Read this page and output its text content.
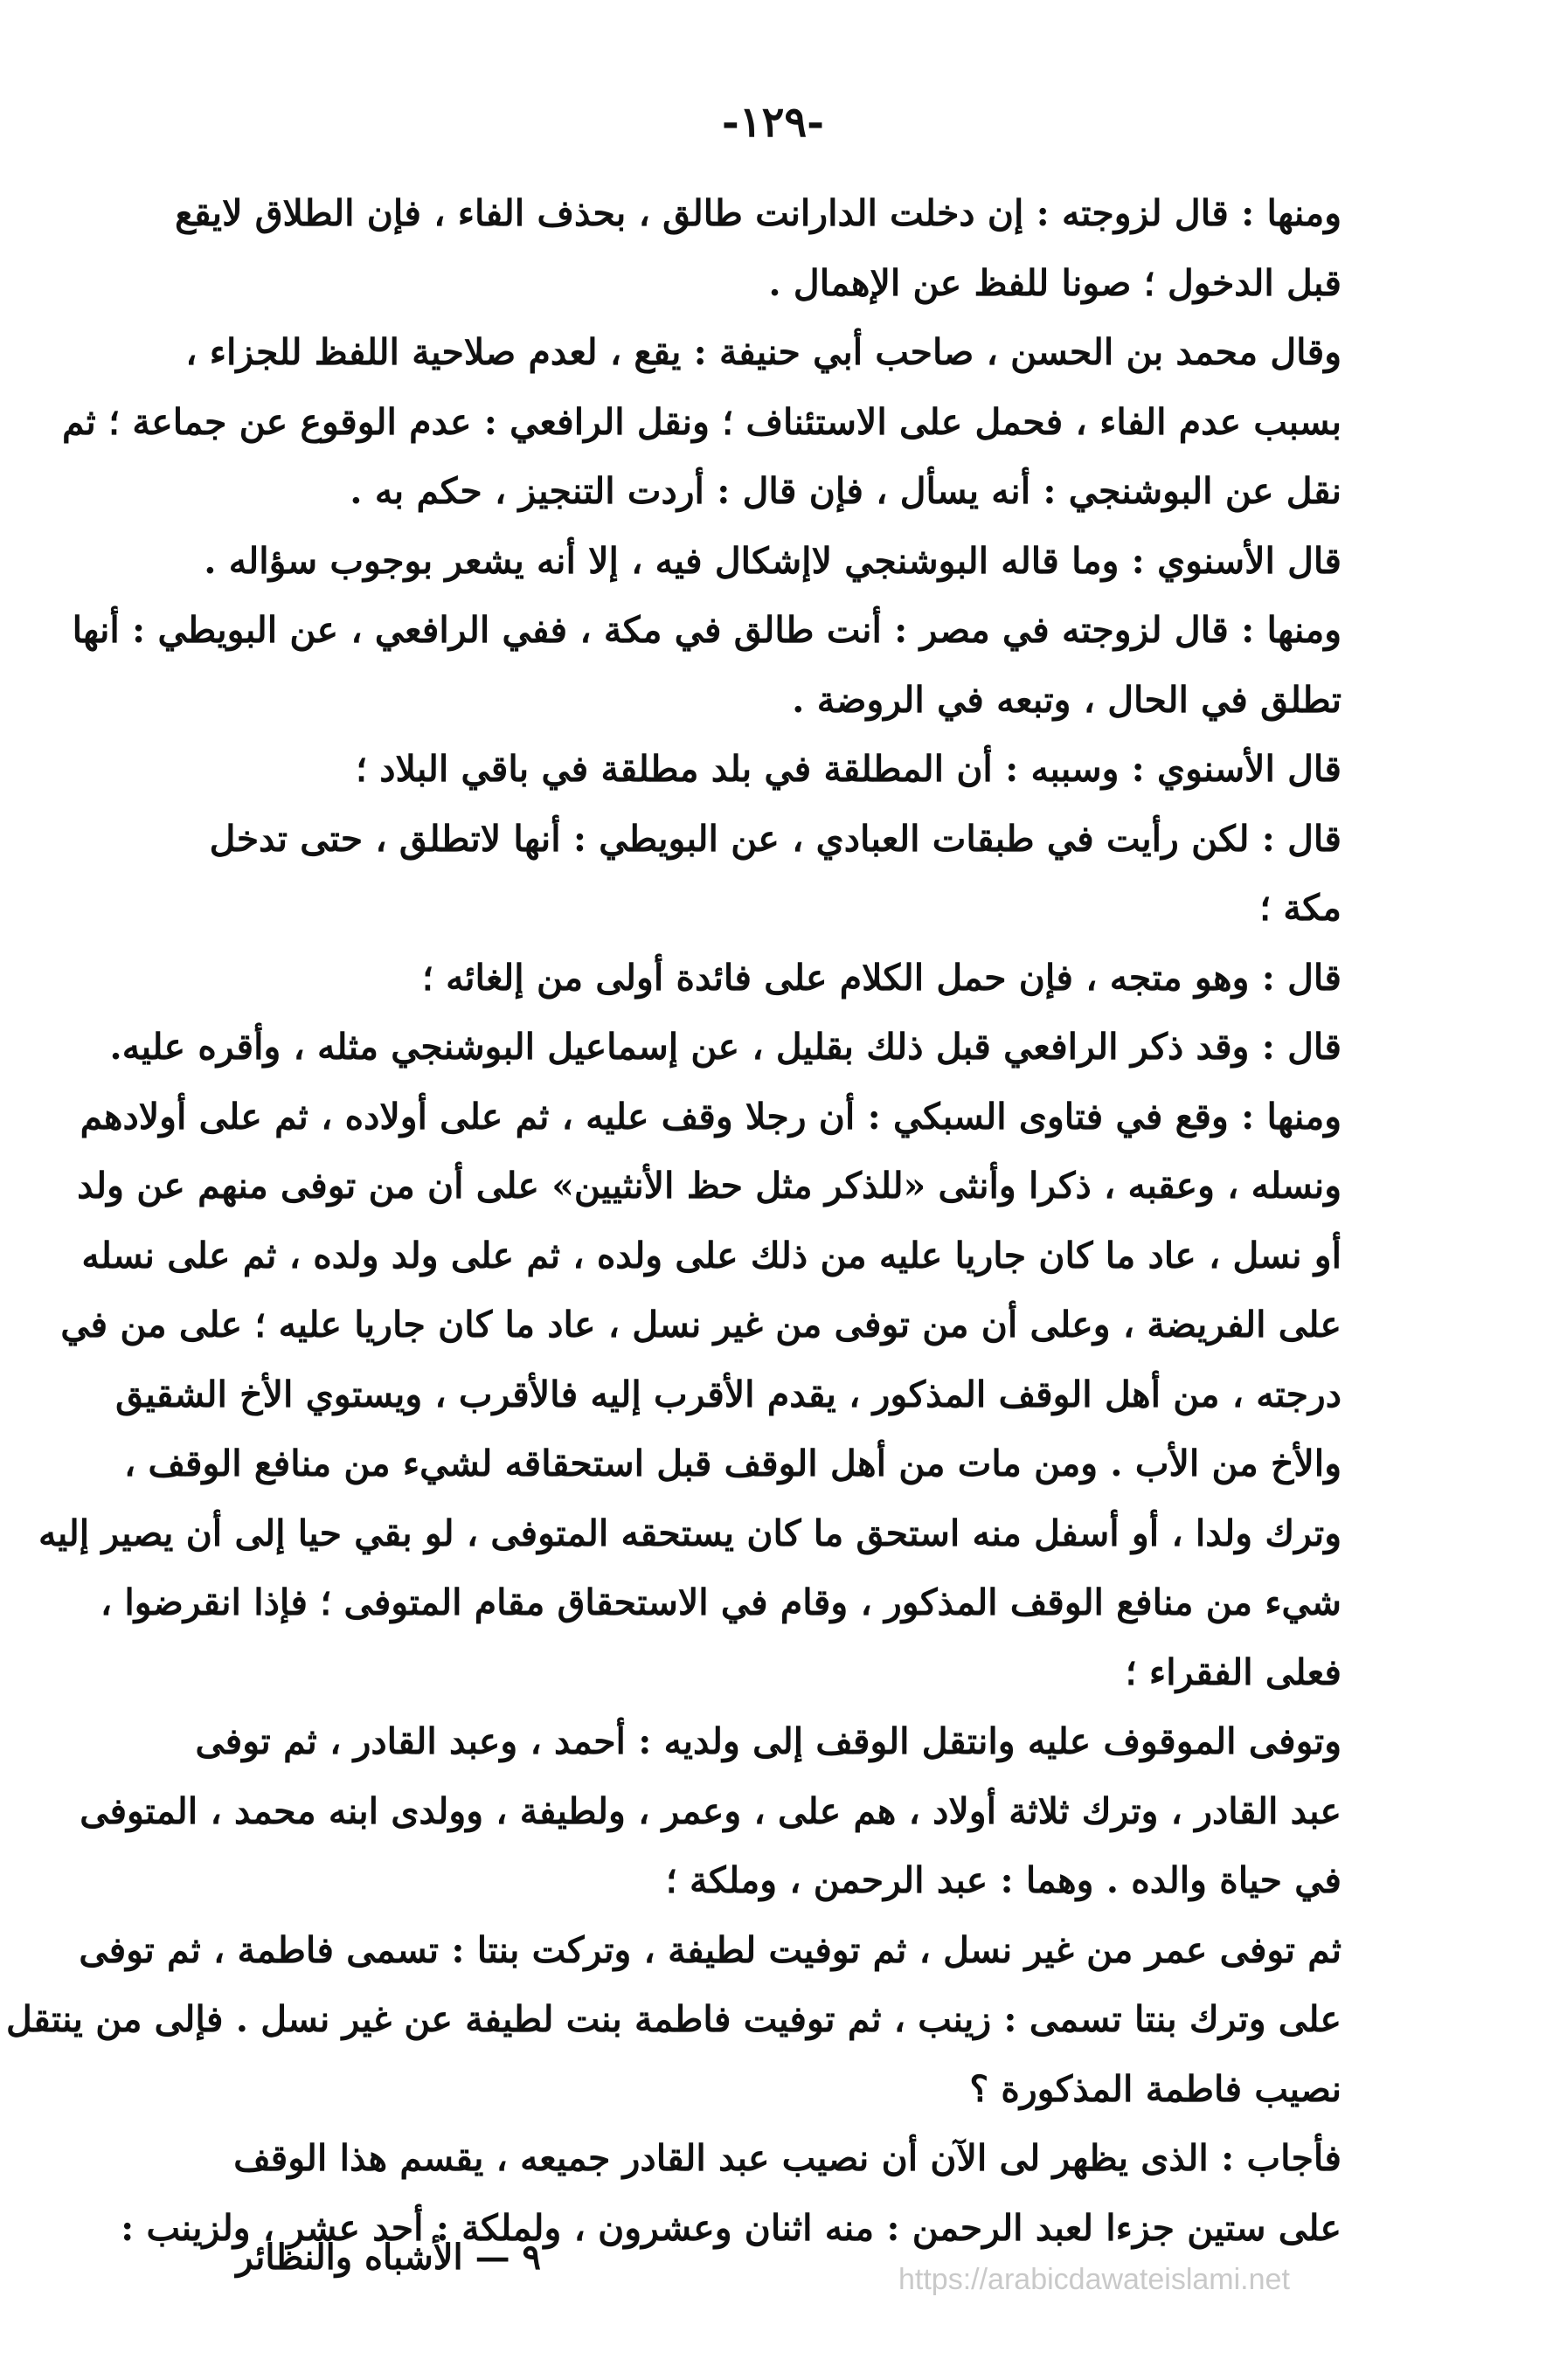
-١٢٩-
ومنها : قال لزوجته : إن دخلت الدارانت طالق ، بحذف الفاء ، فإن الطلاق لايقع
قبل الدخول ؛ صونا للفظ عن الإهمال .
وقال محمد بن الحسن ، صاحب أبي حنيفة : يقع ، لعدم صلاحية اللفظ للجزاء ،
بسبب عدم الفاء ، فحمل على الاستئناف ؛ ونقل الرافعي : عدم الوقوع عن جماعة ؛ ثم
نقل عن البوشنجي : أنه يسأل ، فإن قال : أردت التنجيز ، حكم به .
قال الأسنوي : وما قاله البوشنجي لاإشكال فيه ، إلا أنه يشعر بوجوب سؤاله .
ومنها : قال لزوجته في مصر : أنت طالق في مكة ، ففي الرافعي ، عن البويطي : أنها
تطلق في الحال ، وتبعه في الروضة .
قال الأسنوي : وسببه : أن المطلقة في بلد مطلقة في باقي البلاد ؛
قال : لكن رأيت في طبقات العبادي ، عن البويطي : أنها لاتطلق ، حتى تدخل
مكة ؛
قال : وهو متجه ، فإن حمل الكلام على فائدة أولى من إلغائه ؛
قال : وقد ذكر الرافعي قبل ذلك بقليل ، عن إسماعيل البوشنجي مثله ، وأقره عليه.
ومنها : وقع في فتاوى السبكي : أن رجلا وقف عليه ، ثم على أولاده ، ثم على أولادهم
ونسله ، وعقبه ، ذكرا وأنثى «للذكر مثل حظ الأنثيين» على أن من توفى منهم عن ولد
أو نسل ، عاد ما كان جاريا عليه من ذلك على ولده ، ثم على ولد ولده ، ثم على نسله
على الفريضة ، وعلى أن من توفى من غير نسل ، عاد ما كان جاريا عليه ؛ على من في
درجته ، من أهل الوقف المذكور ، يقدم الأقرب إليه فالأقرب ، ويستوي الأخ الشقيق
والأخ من الأب . ومن مات من أهل الوقف قبل استحقاقه لشيء من منافع الوقف ،
وترك ولدا ، أو أسفل منه استحق ما كان يستحقه المتوفى ، لو بقي حيا إلى أن يصير إليه
شيء من منافع الوقف المذكور ، وقام في الاستحقاق مقام المتوفى ؛ فإذا انقرضوا ،
فعلى الفقراء ؛
وتوفى الموقوف عليه وانتقل الوقف إلى ولديه : أحمد ، وعبد القادر ، ثم توفى
عبد القادر ، وترك ثلاثة أولاد ، هم على ، وعمر ، ولطيفة ، وولدى ابنه محمد ، المتوفى
في حياة والده . وهما : عبد الرحمن ، وملكة ؛
ثم توفى عمر من غير نسل ، ثم توفيت لطيفة ، وتركت بنتا : تسمى فاطمة ، ثم توفى
على وترك بنتا تسمى : زينب ، ثم توفيت فاطمة بنت لطيفة عن غير نسل . فإلى من ينتقل
نصيب فاطمة المذكورة ؟
فأجاب : الذى يظهر لى الآن أن نصيب عبد القادر جميعه ، يقسم هذا الوقف
على ستين جزءا لعبد الرحمن : منه اثنان وعشرون ، ولملكة : أحد عشر ، ولزينب :
٩ — الأشباه والنظائر
https://arabicdawateislami.net
